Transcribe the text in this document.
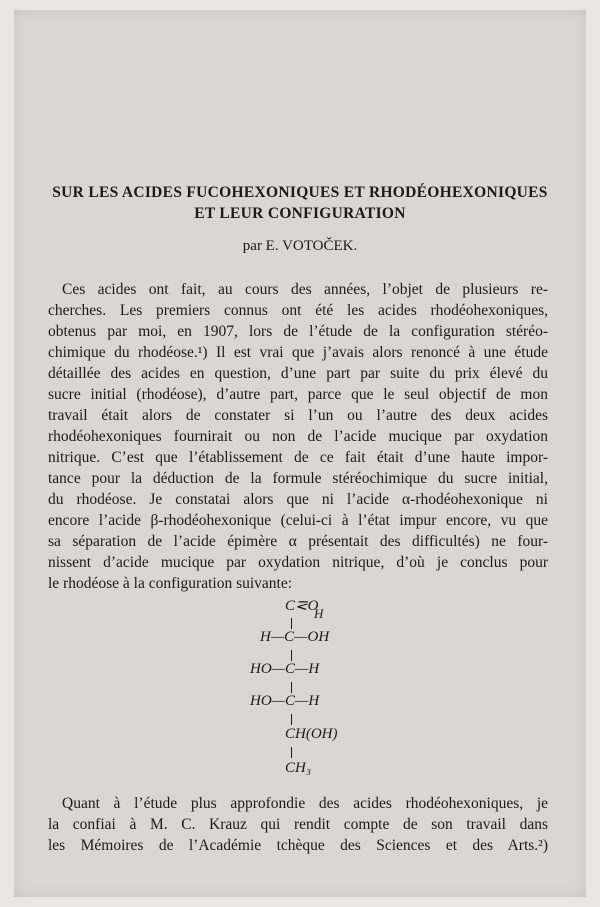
SUR LES ACIDES FUCOHEXONIQUES ET RHODÉOHEXONIQUES
ET LEUR CONFIGURATION
par E. VOTOČEK.
Ces acides ont fait, au cours des années, l’objet de plusieurs re-
cherches. Les premiers connus ont été les acides rhodéohexoniques,
obtenus par moi, en 1907, lors de l’étude de la configuration stéréo-
chimique du rhodéose.¹) Il est vrai que j’avais alors renoncé à une étude
détaillée des acides en question, d’une part par suite du prix élevé du
sucre initial (rhodéose), d’autre part, parce que le seul objectif de mon
travail était alors de constater si l’un ou l’autre des deux acides
rhodéohexoniques fournirait ou non de l’acide mucique par oxydation
nitrique. C’est que l’établissement de ce fait était d’une haute impor-
tance pour la déduction de la formule stéréochimique du sucre initial,
du rhodéose. Je constatai alors que ni l’acide α-rhodéohexonique ni
encore l’acide β-rhodéohexonique (celui-ci à l’état impur encore, vu que
sa séparation de l’acide épimère α présentait des difficultés) ne four-
nissent d’acide mucique par oxydation nitrique, d’où je conclus pour
le rhodéose à la configuration suivante:
C⋜O
H
H—C—OH
HO—C—H
HO—C—H
CH(OH)
CH₃
Quant à l’étude plus approfondie des acides rhodéohexoniques, je
la confiai à M. C. Krauz qui rendit compte de son travail dans
les Mémoires de l’Académie tchèque des Sciences et des Arts.²)
